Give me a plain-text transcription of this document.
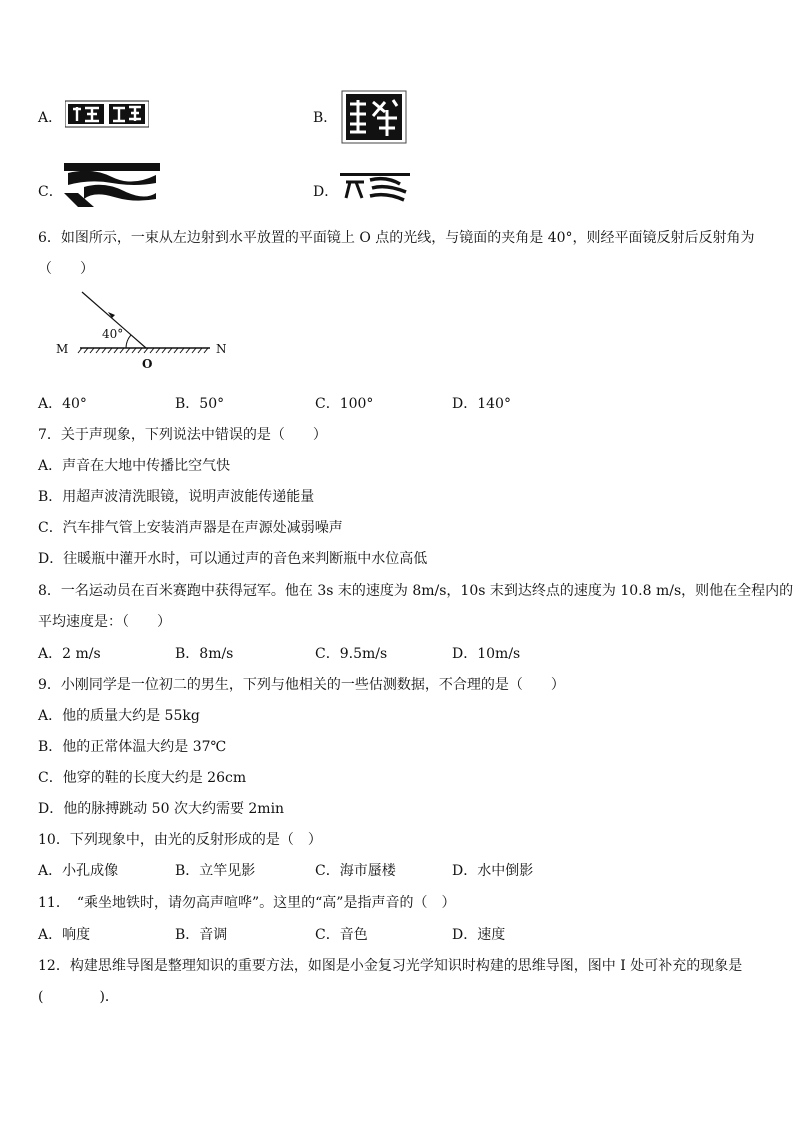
A．	B．
C．	D．
6．如图所示，一束从左边射到水平放置的平面镜上 O 点的光线，与镜面的夹角是 40°，则经平面镜反射后反射角为
（　　）
40°
M	N
O
A．40°	B．50°	C．100°	D．140°
7．关于声现象，下列说法中错误的是（　　）
A．声音在大地中传播比空气快
B．用超声波清洗眼镜，说明声波能传递能量
C．汽车排气管上安装消声器是在声源处减弱噪声
D．往暖瓶中灌开水时，可以通过声的音色来判断瓶中水位高低
8．一名运动员在百米赛跑中获得冠军。他在 3s 末的速度为 8m/s，10s 末到达终点的速度为 10.8 m/s，则他在全程内的
平均速度是：（　　）
A．2 m/s	B．8m/s	C．9.5m/s	D．10m/s
9．小刚同学是一位初二的男生，下列与他相关的一些估测数据，不合理的是（　　）
A．他的质量大约是 55kg
B．他的正常体温大约是 37℃
C．他穿的鞋的长度大约是 26cm
D．他的脉搏跳动 50 次大约需要 2min
10．下列现象中，由光的反射形成的是（　）
A．小孔成像	B．立竿见影	C．海市蜃楼	D．水中倒影
11．　“乘坐地铁时，请勿高声喧哗”。这里的“高”是指声音的（　）
A．响度	B．音调	C．音色	D．速度
12．构建思维导图是整理知识的重要方法，如图是小金复习光学知识时构建的思维导图，图中 I 处可补充的现象是
(　　　　)．
